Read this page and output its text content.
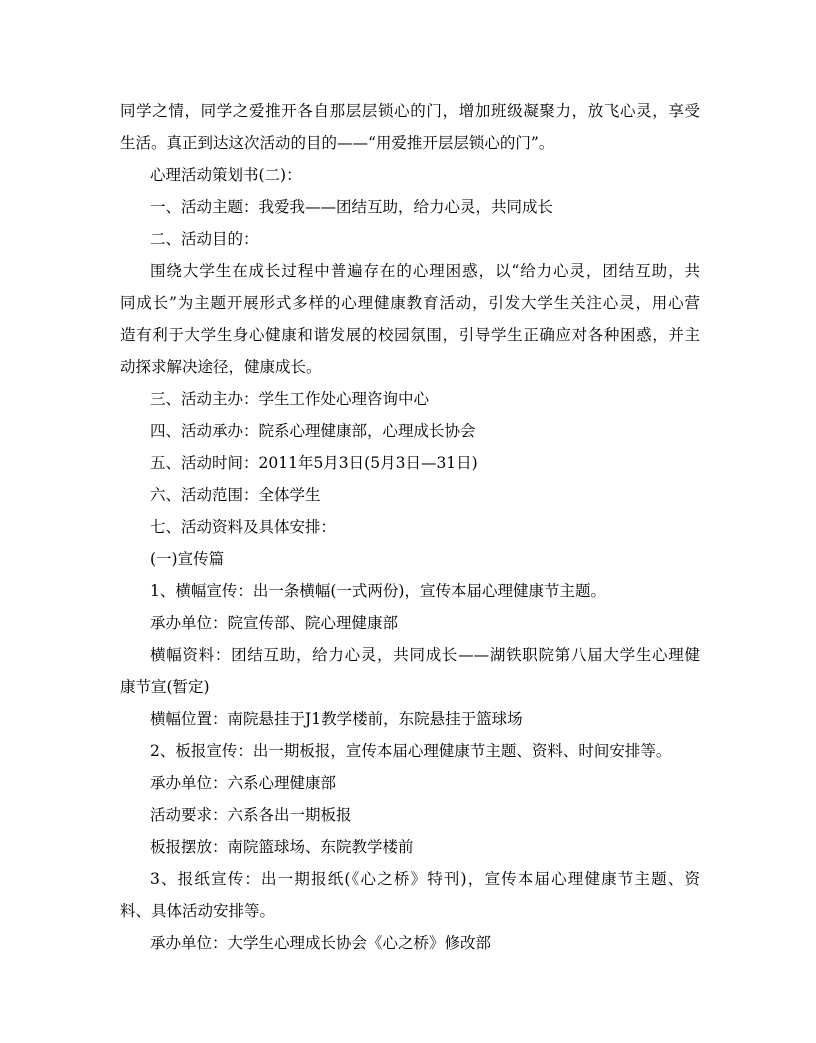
同学之情，同学之爱推开各自那层层锁心的门，增加班级凝聚力，放飞心灵，享受
生活。真正到达这次活动的目的——“用爱推开层层锁心的门”。
心理活动策划书(二)：
一、活动主题：我爱我——团结互助，给力心灵，共同成长
二、活动目的：
围绕大学生在成长过程中普遍存在的心理困惑，以“给力心灵，团结互助，共
同成长”为主题开展形式多样的心理健康教育活动，引发大学生关注心灵，用心营
造有利于大学生身心健康和谐发展的校园氛围，引导学生正确应对各种困惑，并主
动探求解决途径，健康成长。
三、活动主办：学生工作处心理咨询中心
四、活动承办：院系心理健康部，心理成长协会
五、活动时间：2011年5月3日(5月3日—31日)
六、活动范围：全体学生
七、活动资料及具体安排：
(一)宣传篇
1、横幅宣传：出一条横幅(一式两份)，宣传本届心理健康节主题。
承办单位：院宣传部、院心理健康部
横幅资料：团结互助，给力心灵，共同成长——湖铁职院第八届大学生心理健
康节宣(暂定)
横幅位置：南院悬挂于J1教学楼前，东院悬挂于篮球场
2、板报宣传：出一期板报，宣传本届心理健康节主题、资料、时间安排等。
承办单位：六系心理健康部
活动要求：六系各出一期板报
板报摆放：南院篮球场、东院教学楼前
3、报纸宣传：出一期报纸(《心之桥》特刊)，宣传本届心理健康节主题、资
料、具体活动安排等。
承办单位：大学生心理成长协会《心之桥》修改部
